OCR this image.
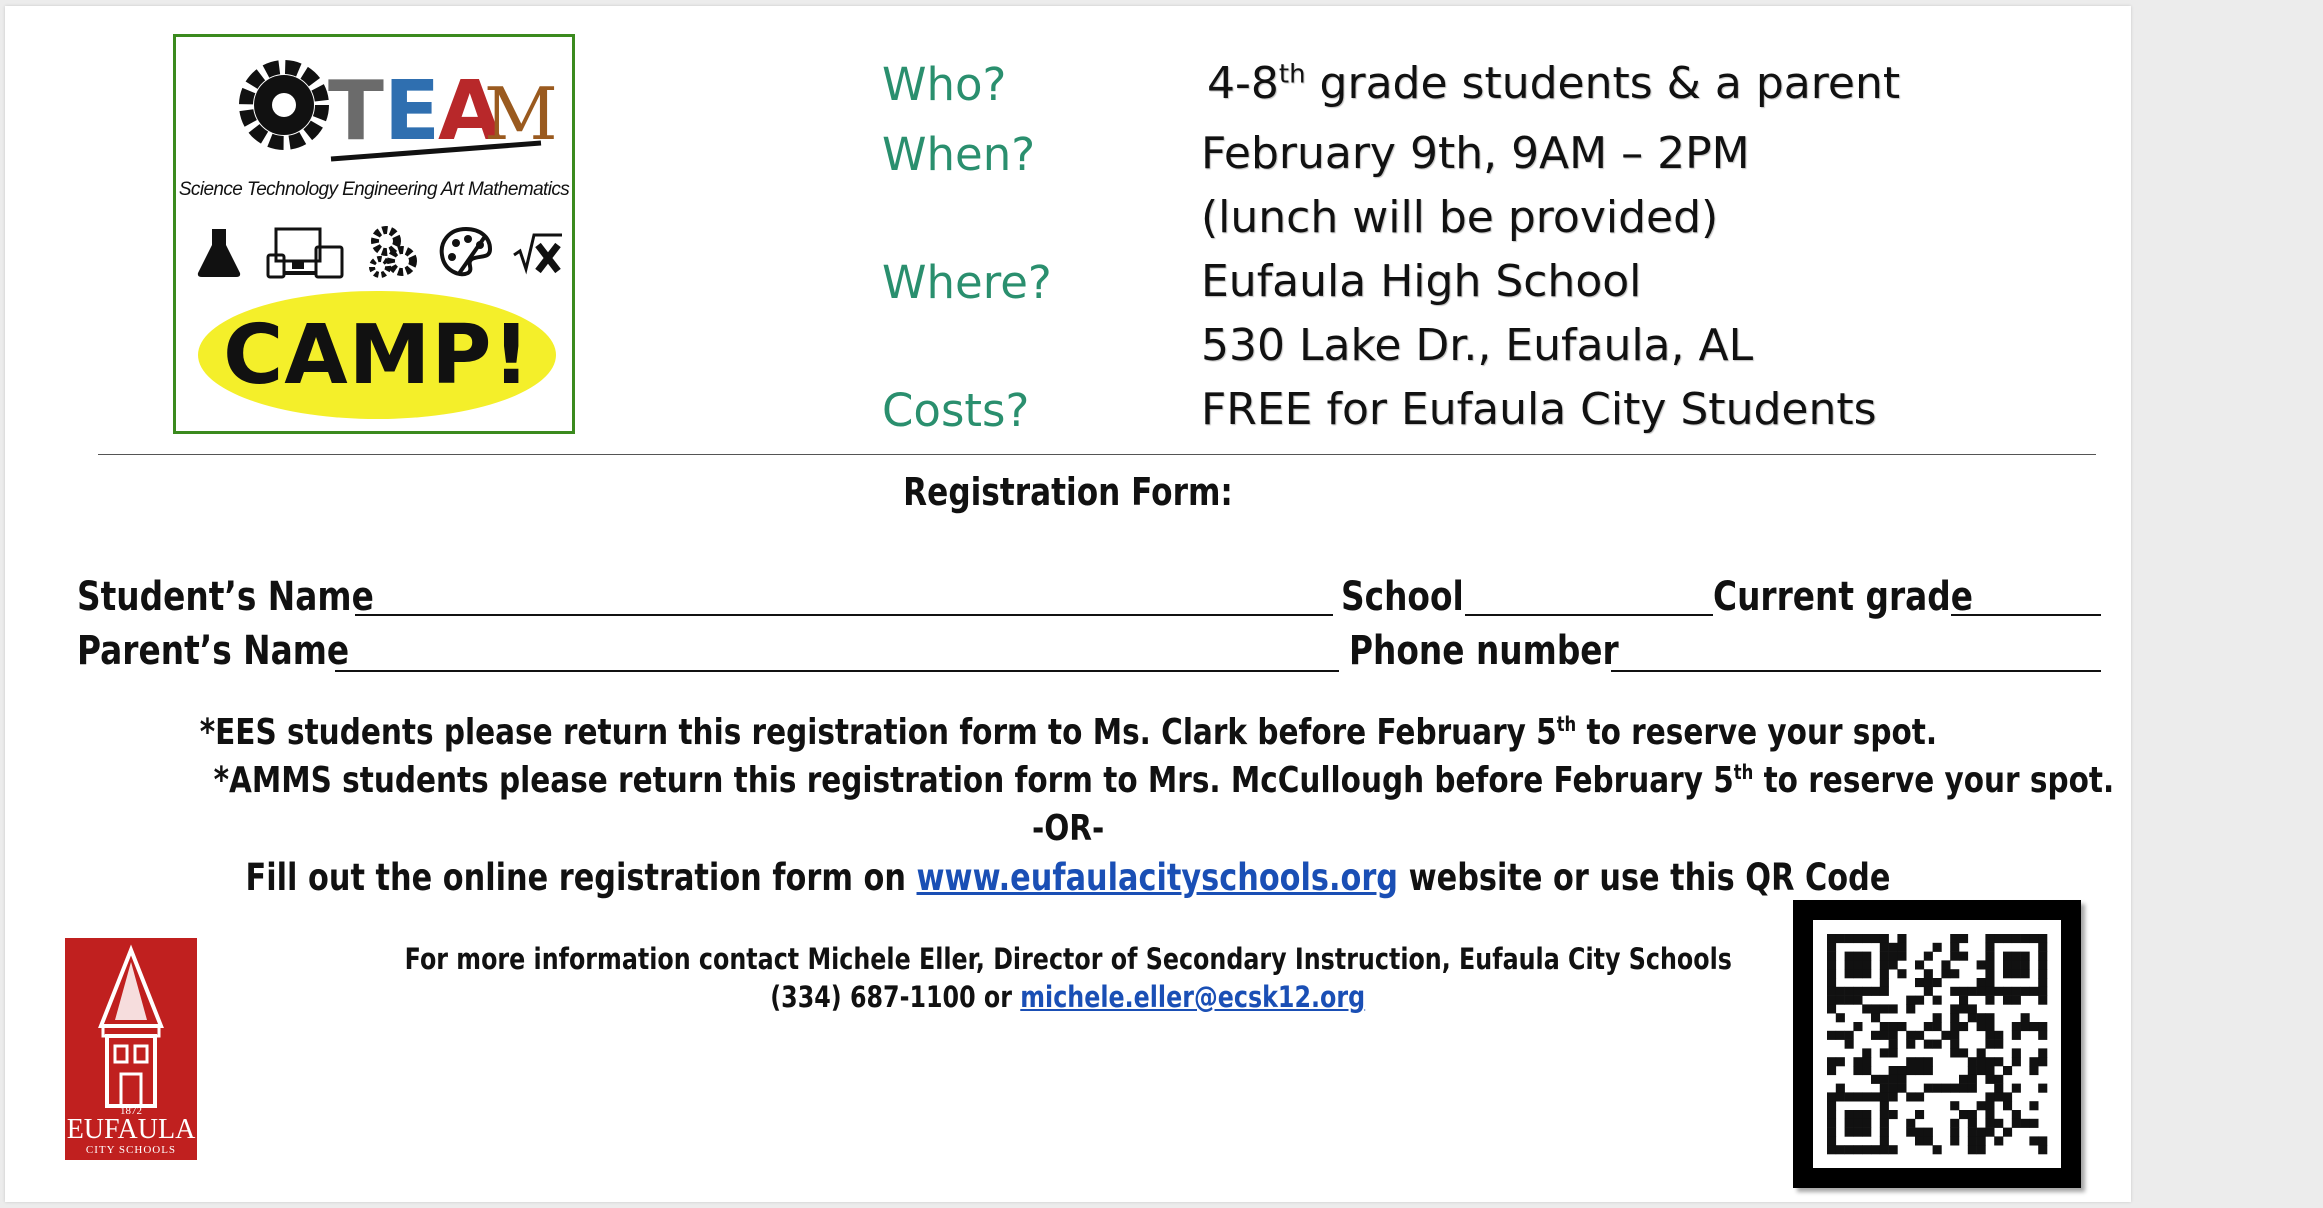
T E
A
M
Science Technology Engineering Art Mathematics
CAMP!
Who?	4-8th grade students & a parent
When?	February 9th, 9AM – 2PM
(lunch will be provided)
Where?	Eufaula High School
530 Lake Dr., Eufaula, AL
Costs?	FREE for Eufaula City Students
Registration Form:
Student’s Name	School	Current grade
Parent’s Name	Phone number
*EES students please return this registration form to Ms. Clark before February 5th to reserve your spot.
*AMMS students please return this registration form to Mrs. McCullough before February 5th to reserve your spot.
-OR-
Fill out the online registration form on www.eufaulacityschools.org website or use this QR Code
For more information contact Michele Eller, Director of Secondary Instruction, Eufaula City Schools
(334) 687-1100 or michele.eller@ecsk12.org
1872
EUFAULA
CITY SCHOOLS
